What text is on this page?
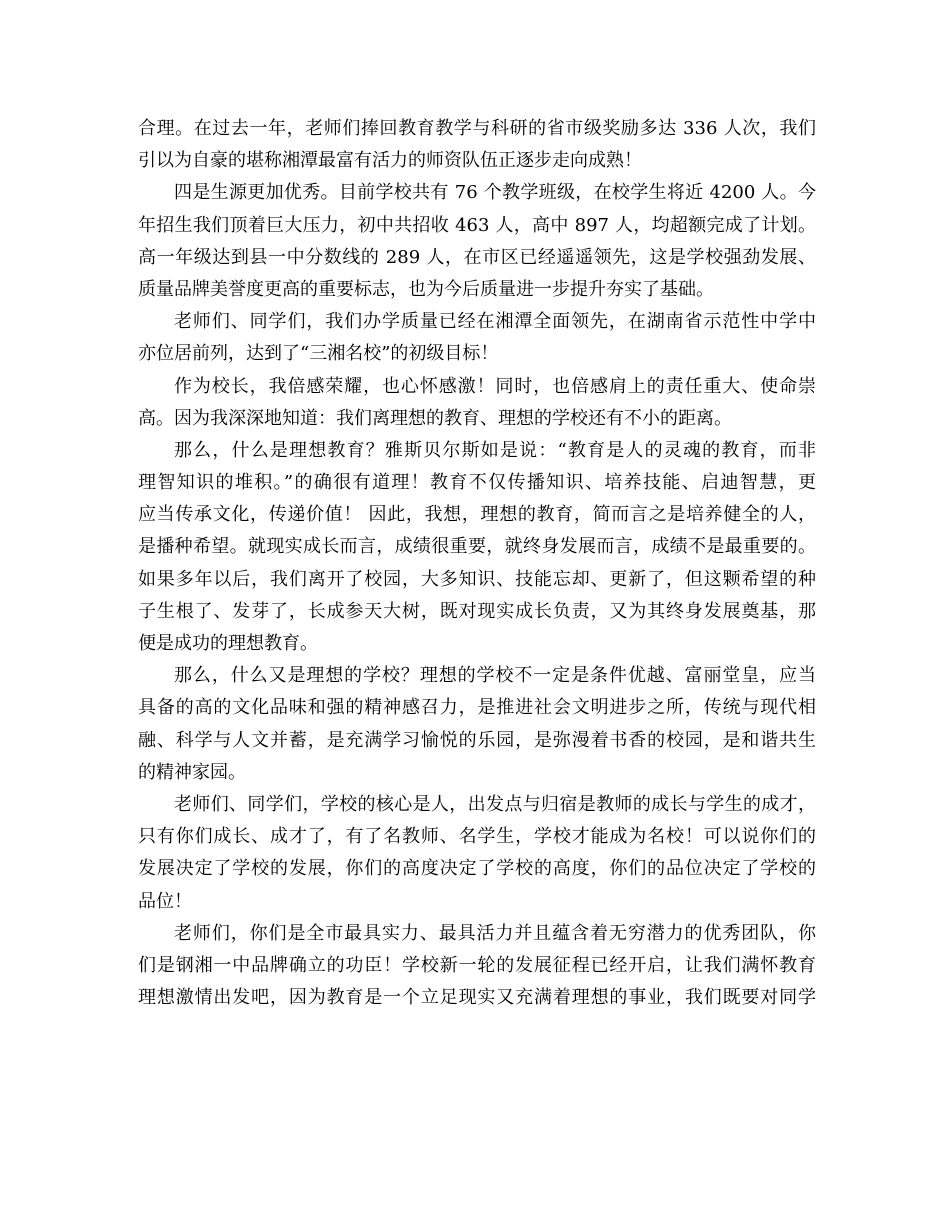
合理。在过去一年，老师们捧回教育教学与科研的省市级奖励多达 336 人次，我们
引以为自豪的堪称湘潭最富有活力的师资队伍正逐步走向成熟！
四是生源更加优秀。目前学校共有 76 个教学班级，在校学生将近 4200 人。今
年招生我们顶着巨大压力，初中共招收 463 人，高中 897 人，均超额完成了计划。
高一年级达到县一中分数线的 289 人，在市区已经遥遥领先，这是学校强劲发展、
质量品牌美誉度更高的重要标志，也为今后质量进一步提升夯实了基础。
老师们、同学们，我们办学质量已经在湘潭全面领先，在湖南省示范性中学中
亦位居前列，达到了“三湘名校”的初级目标！
作为校长，我倍感荣耀，也心怀感激！同时，也倍感肩上的责任重大、使命崇
高。因为我深深地知道：我们离理想的教育、理想的学校还有不小的距离。
那么，什么是理想教育？雅斯贝尔斯如是说：“教育是人的灵魂的教育，而非
理智知识的堆积。”的确很有道理！教育不仅传播知识、培养技能、启迪智慧，更
应当传承文化，传递价值！ 因此，我想，理想的教育，简而言之是培养健全的人，
是播种希望。就现实成长而言，成绩很重要，就终身发展而言，成绩不是最重要的。
如果多年以后，我们离开了校园，大多知识、技能忘却、更新了，但这颗希望的种
子生根了、发芽了，长成参天大树，既对现实成长负责，又为其终身发展奠基，那
便是成功的理想教育。
那么，什么又是理想的学校？理想的学校不一定是条件优越、富丽堂皇，应当
具备的高的文化品味和强的精神感召力，是推进社会文明进步之所，传统与现代相
融、科学与人文并蓄，是充满学习愉悦的乐园，是弥漫着书香的校园，是和谐共生
的精神家园。
老师们、同学们，学校的核心是人，出发点与归宿是教师的成长与学生的成才，
只有你们成长、成才了，有了名教师、名学生，学校才能成为名校！可以说你们的
发展决定了学校的发展，你们的高度决定了学校的高度，你们的品位决定了学校的
品位！
老师们，你们是全市最具实力、最具活力并且蕴含着无穷潜力的优秀团队，你
们是钢湘一中品牌确立的功臣！学校新一轮的发展征程已经开启，让我们满怀教育
理想激情出发吧，因为教育是一个立足现实又充满着理想的事业，我们既要对同学
